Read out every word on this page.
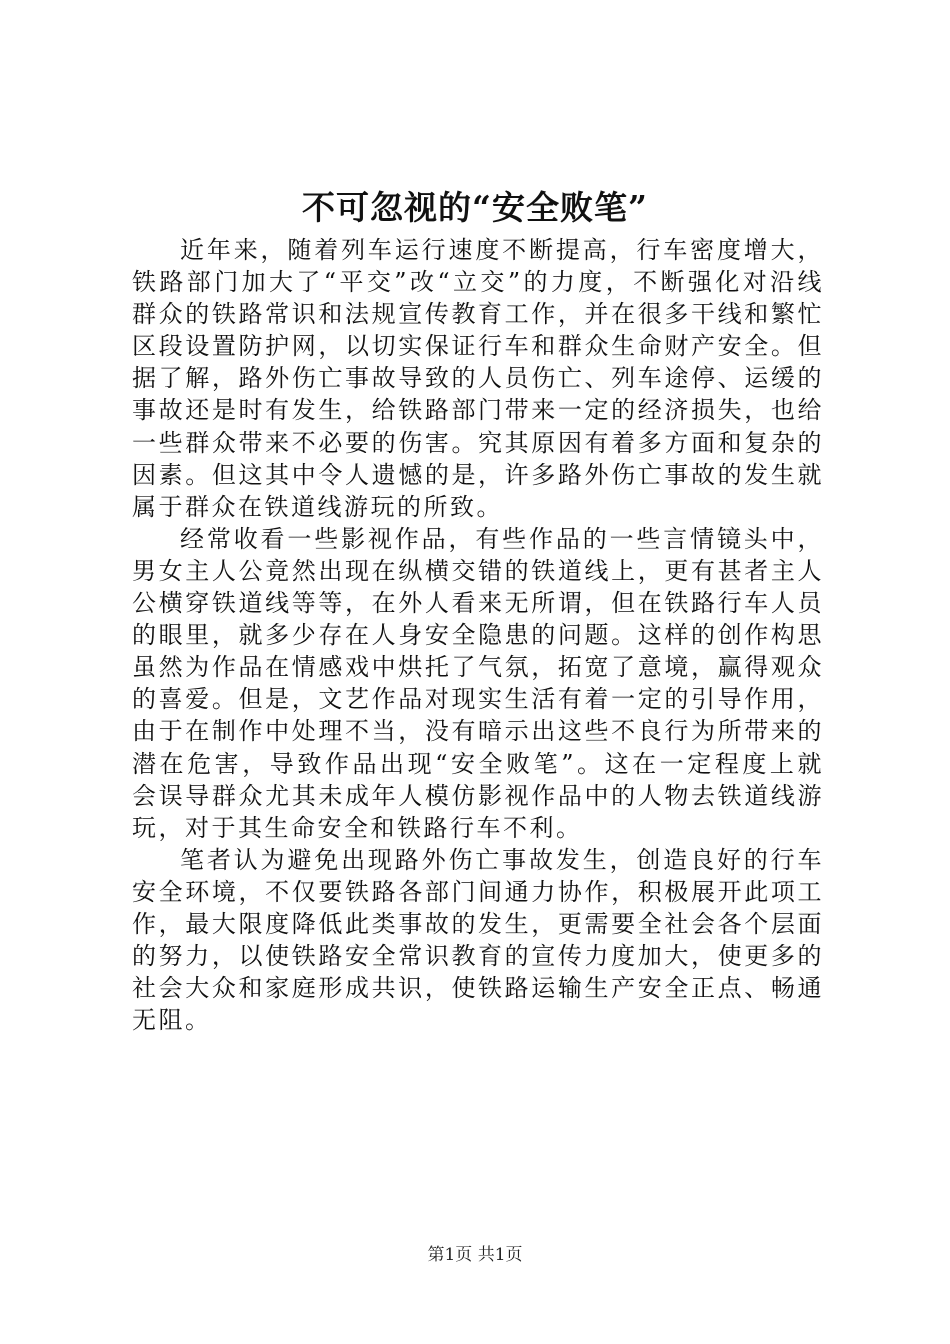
不可忽视的“安全败笔”

近年来，随着列车运行速度不断提高，行车密度增大，铁路部门加大了“平交”改“立交”的力度，不断强化对沿线群众的铁路常识和法规宣传教育工作，并在很多干线和繁忙区段设置防护网，以切实保证行车和群众生命财产安全。但据了解，路外伤亡事故导致的人员伤亡、列车途停、运缓的事故还是时有发生，给铁路部门带来一定的经济损失，也给一些群众带来不必要的伤害。究其原因有着多方面和复杂的因素。但这其中令人遗憾的是，许多路外伤亡事故的发生就属于群众在铁道线游玩的所致。

经常收看一些影视作品，有些作品的一些言情镜头中，男女主人公竟然出现在纵横交错的铁道线上，更有甚者主人公横穿铁道线等等，在外人看来无所谓，但在铁路行车人员的眼里，就多少存在人身安全隐患的问题。这样的创作构思虽然为作品在情感戏中烘托了气氛，拓宽了意境，赢得观众的喜爱。但是，文艺作品对现实生活有着一定的引导作用，由于在制作中处理不当，没有暗示出这些不良行为所带来的潜在危害，导致作品出现“安全败笔”。这在一定程度上就会误导群众尤其未成年人模仿影视作品中的人物去铁道线游玩，对于其生命安全和铁路行车不利。

笔者认为避免出现路外伤亡事故发生，创造良好的行车安全环境，不仅要铁路各部门间通力协作，积极展开此项工作，最大限度降低此类事故的发生，更需要全社会各个层面的努力，以使铁路安全常识教育的宣传力度加大，使更多的社会大众和家庭形成共识，使铁路运输生产安全正点、畅通无阻。

第1页 共1页
